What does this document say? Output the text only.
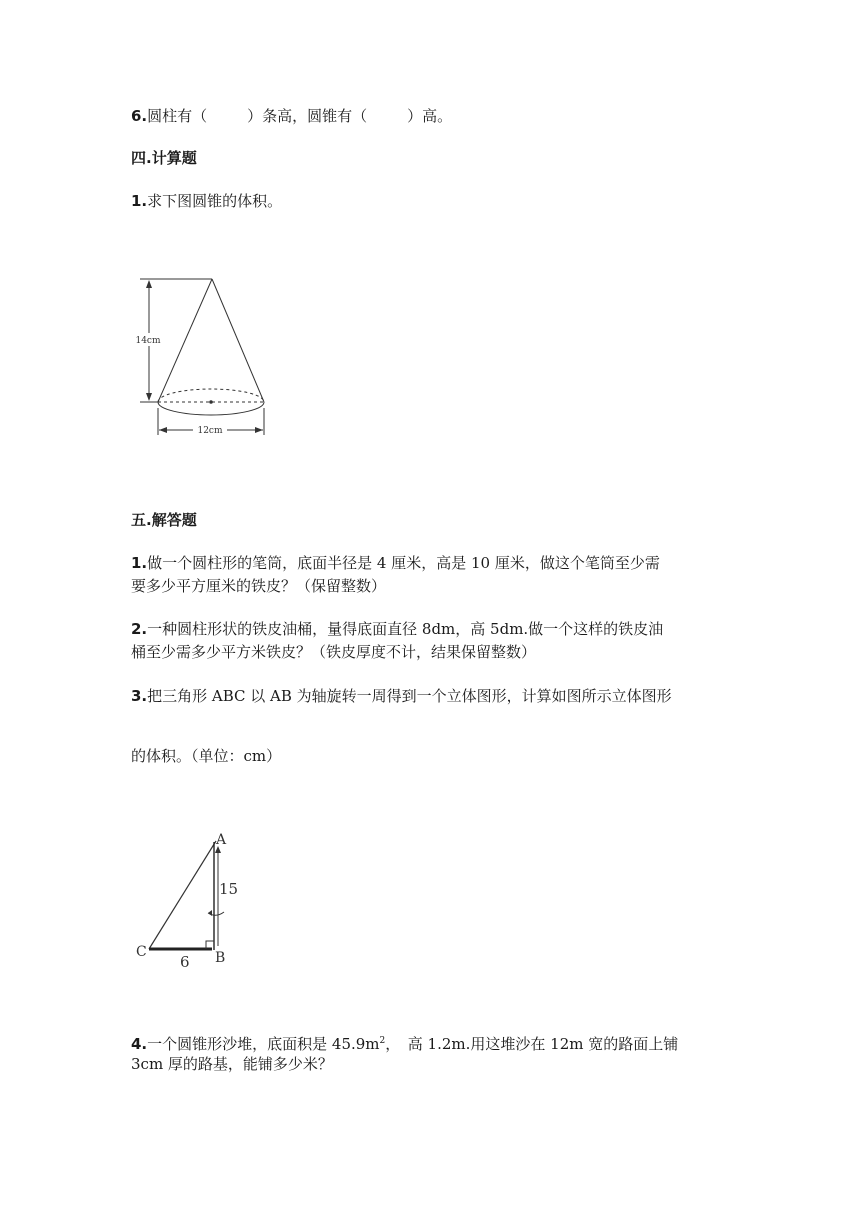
6.圆柱有（	）条高，圆锥有（	）高。
四.计算题
1.求下图圆锥的体积。
14cm
12cm
五.解答题
1.做一个圆柱形的笔筒，底面半径是 4 厘米，高是 10 厘米，做这个笔筒至少需
要多少平方厘米的铁皮？（保留整数）
2.一种圆柱形状的铁皮油桶，量得底面直径 8dm，高 5dm.做一个这样的铁皮油
桶至少需多少平方米铁皮？（铁皮厚度不计，结果保留整数）
3.把三角形 ABC 以 AB 为轴旋转一周得到一个立体图形，计算如图所示立体图形
的体积。（单位：cm）
A
B
C
15
6
4.一个圆锥形沙堆，底面积是 $45.9m^2$，　高 1.2m.用这堆沙在 12m 宽的路面上铺
3cm 厚的路基，能铺多少米？
